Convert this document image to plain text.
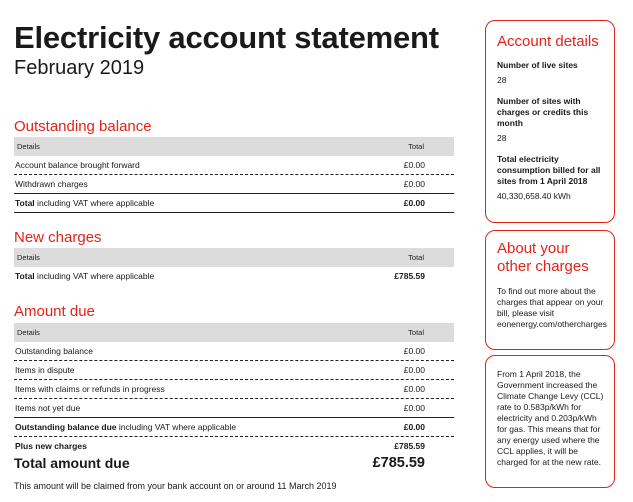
Electricity account statement
February 2019
Outstanding balance
Details	Total
Account balance brought forward	£0.00
Withdrawn charges	£0.00
Total including VAT where applicable	£0.00
New charges
Details	Total
Total including VAT where applicable	£785.59
Amount due
Details	Total
Outstanding balance	£0.00
Items in dispute	£0.00
Items with claims or refunds in progress	£0.00
Items not yet due	£0.00
Outstanding balance due including VAT where applicable	£0.00
Plus new charges	£785.59
Total amount due	£785.59

This amount will be claimed from your bank account on or around 11 March 2019

Account details

Number of live sites

28

Number of sites with charges or credits this month

28

Total electricity consumption billed for all sites from 1 April 2018

40,330,658.40 kWh

About your other charges

To find out more about the charges that appear on your bill, please visit eonenergy.com/othercharges

From 1 April 2018, the Government increased the Climate Change Levy (CCL) rate to 0.583p/kWh for electricity and 0.203p/kWh for gas. This means that for any energy used where the CCL applies, it will be charged for at the new rate.
